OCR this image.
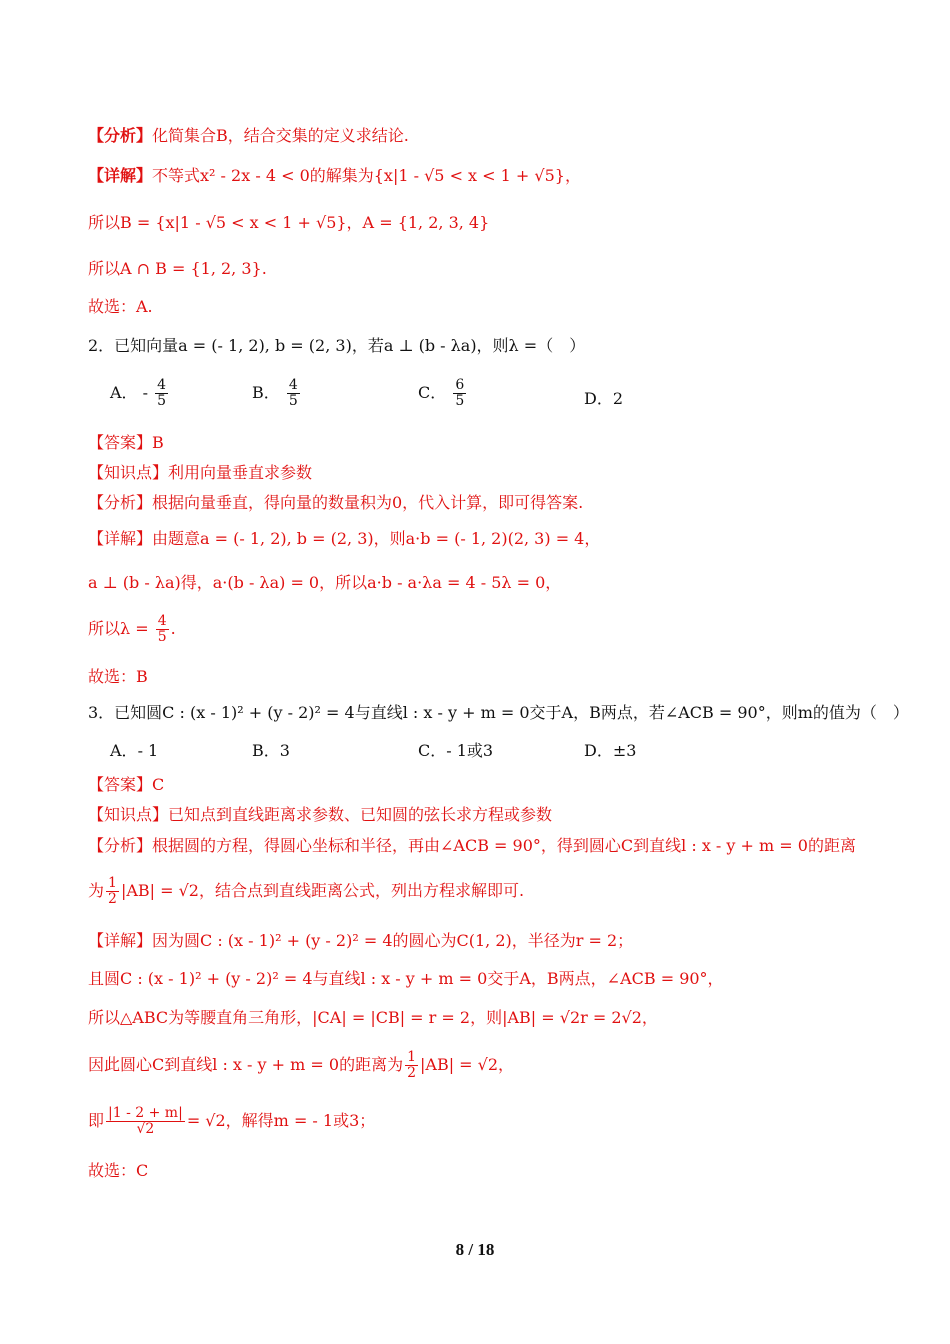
【分析】化简集合B，结合交集的定义求结论.
【详解】不等式x² - 2x - 4 < 0的解集为{x|1 - √5 < x < 1 + √5}，
所以B = {x|1 - √5 < x < 1 + √5}，A = {1, 2, 3, 4}
所以A ∩ B = {1, 2, 3}.
故选：A.
2．已知向量a = (- 1, 2), b = (2, 3)，若a ⊥ (b - λa)，则λ =（　）
A． - $\frac{4}{5}$	B． $\frac{4}{5}$	C． $\frac{6}{5}$	D．2
【答案】B
【知识点】利用向量垂直求参数
【分析】根据向量垂直，得向量的数量积为0，代入计算，即可得答案.
【详解】由题意a = (- 1, 2), b = (2, 3)，则a·b = (- 1, 2)(2, 3) = 4，
a ⊥ (b - λa)得，a·(b - λa) = 0，所以a·b - a·λa = 4 - 5λ = 0，
所以$\lambda = \frac{4}{5}$ .
故选：B
3．已知圆C : (x - 1)² + (y - 2)² = 4与直线l : x - y + m = 0交于A，B两点，若∠ACB = 90°，则m的值为（　）
A．- 1	B．3	C．- 1或3	D．±3
【答案】C
【知识点】已知点到直线距离求参数、已知圆的弦长求方程或参数
【分析】根据圆的方程，得圆心坐标和半径，再由∠ACB = 90°，得到圆心C到直线l : x - y + m = 0的距离
为 $\frac{1}{2} |AB| = √2$，结合点到直线距离公式，列出方程求解即可.
【详解】因为圆C : (x - 1)² + (y - 2)² = 4的圆心为C(1, 2)，半径为r = 2；
且圆C : (x - 1)² + (y - 2)² = 4与直线l : x - y + m = 0交于A，B两点，∠ACB = 90°，
所以△ABC为等腰直角三角形，|CA| = |CB| = r = 2，则|AB| = √2r = 2√2，
因此圆心C到直线l : x - y + m = 0的距离为 $\frac{1}{2} |AB| = √2$，
即 $\frac{|1 - 2 + m|}{√2} = √2$，解得m = - 1或3；
故选：C
8 / 18
